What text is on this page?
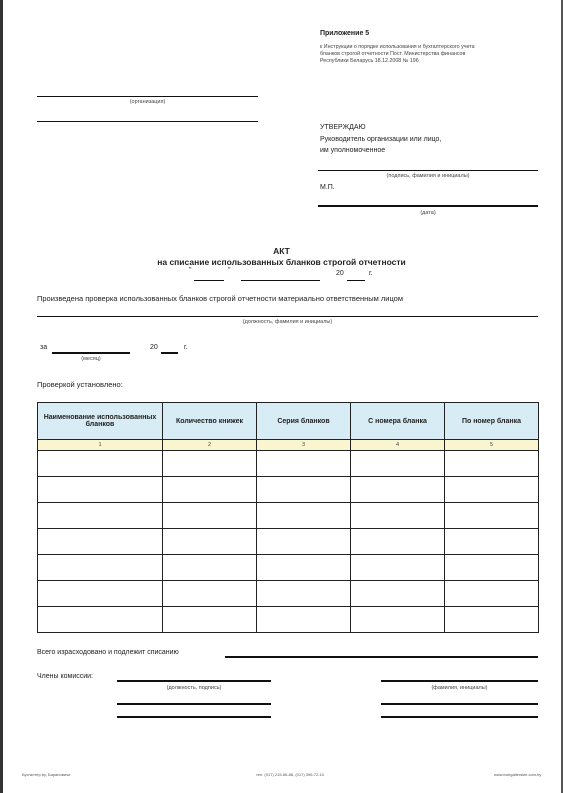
Приложение 5
к Инструкции о порядке использования и бухгалтерского учета
бланков строгой отчетности Пост. Министерства финансов
Республики Беларусь 18.12.2008 № 196
(организация)
УТВЕРЖДАЮ
Руководитель организации или лицо,
им уполномоченное
(подпись, фамилия и инициалы)
М.П.
(дата)
АКТ
на списание использованных бланков строгой отчетности
"	"	20	г.
Произведена проверка использованных бланков строгой отчетности материально ответственным лицом
(должность, фамилия и инициалы)
за
(месяц)
20	г.
Проверкой установлено:
Наименование использованных бланков	Количество книжек	Серия бланков	С номера бланка	По номер бланка
1	2	3	4	5

Всего израсходовано и подлежит списанию
Члены комиссии:
(должность, подпись)	(фамилия, инициалы)
Бухгалтер.by, Барановичи	тел. (017) 215-66-88, (017) 396-72-10	www.buhgalterskie.com.by
